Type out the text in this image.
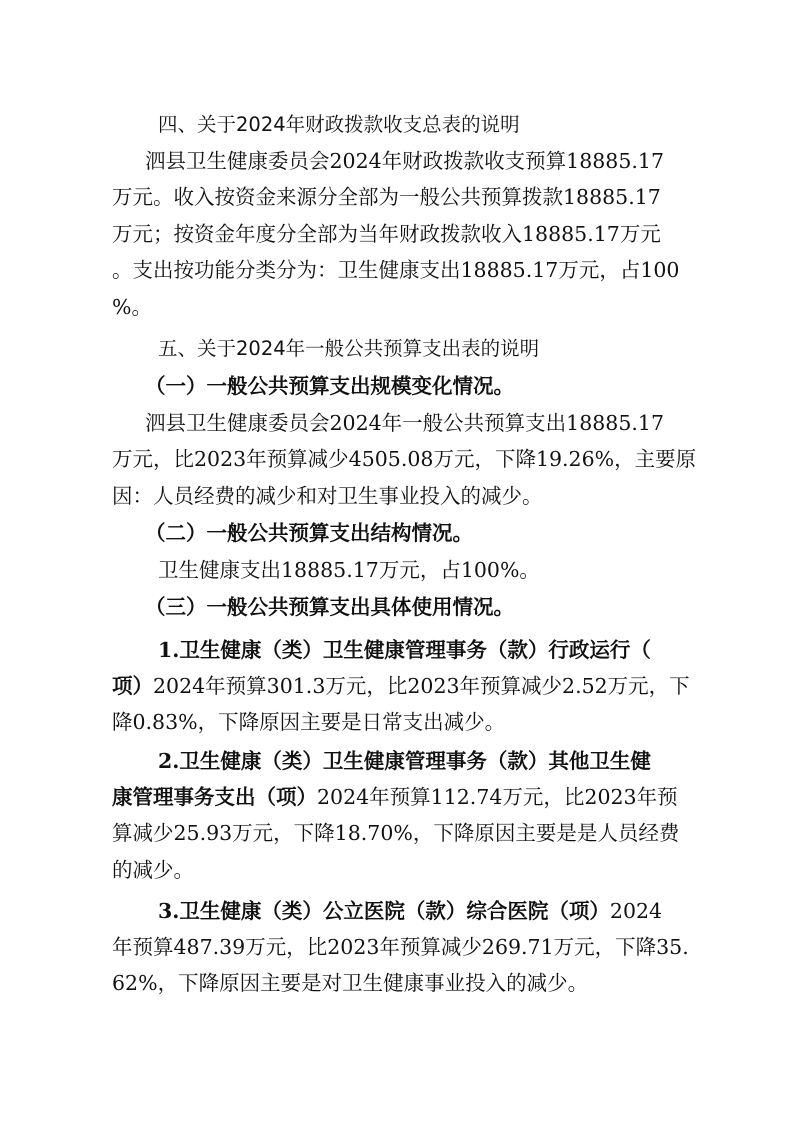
四、关于2024年财政拨款收支总表的说明
泗县卫生健康委员会2024年财政拨款收支预算18885.17
万元。收入按资金来源分全部为一般公共预算拨款18885.17
万元；按资金年度分全部为当年财政拨款收入18885.17万元
。支出按功能分类分为：卫生健康支出18885.17万元，占100
%。
五、关于2024年一般公共预算支出表的说明
（一）一般公共预算支出规模变化情况。
泗县卫生健康委员会2024年一般公共预算支出18885.17
万元，比2023年预算减少4505.08万元，下降19.26%，主要原
因：人员经费的减少和对卫生事业投入的减少。
（二）一般公共预算支出结构情况。
卫生健康支出18885.17万元，占100%。
（三）一般公共预算支出具体使用情况。
1.卫生健康（类）卫生健康管理事务（款）行政运行（
项）2024年预算301.3万元，比2023年预算减少2.52万元，下
降0.83%，下降原因主要是日常支出减少。
2.卫生健康（类）卫生健康管理事务（款）其他卫生健
康管理事务支出（项）2024年预算112.74万元，比2023年预
算减少25.93万元，下降18.70%，下降原因主要是是人员经费
的减少。
3.卫生健康（类）公立医院（款）综合医院（项）2024
年预算487.39万元，比2023年预算减少269.71万元，下降35.
62%，下降原因主要是对卫生健康事业投入的减少。
